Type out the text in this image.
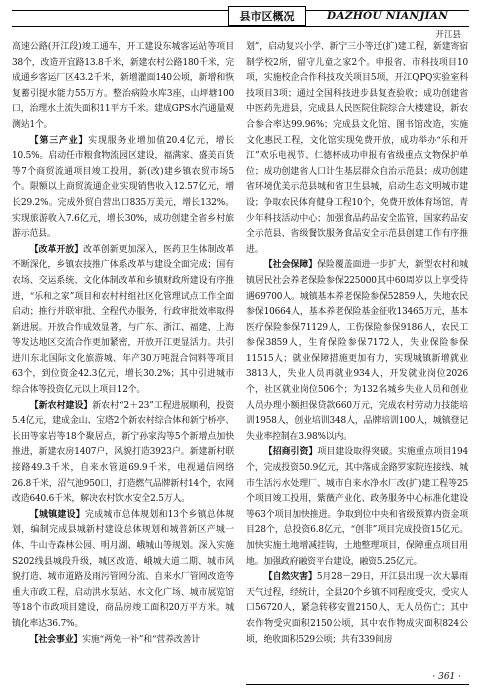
县市区概况	DAZHOU NIANJIAN
开江县

高速公路(开江段)竣工通车，开工建设东城客运站等项目38个，改造开宜路13.8千米，新建农村公路180千米，完成通乡客运厂区43.2千米，新增灌面140公顷，新增和恢复蓄引提水能力55万方。整治病险水库3座，山坪塘100口，治理水土流失面积11平方千米。建成GPS水汽通量观测站1个。

【第三产业】实现服务业增加值20.4亿元，增长10.5%。启动任市粮食物流园区建设，福满家、盛美百货等7个商贸流通项目竣工投用，新(改)建乡镇农贸市场5个。限额以上商贸流通企业实现销售收入12.57亿元，增长29.2%。完成外贸自营出口835万美元，增长132%。实现旅游收入7.6亿元，增长30%，成功创建全省乡村旅游示范县。

【改革开放】改革创新更加深入，医药卫生体制改革不断深化，乡镇农技推广体系改革与建设全面完成；国有农场、交运系统、文化体制改革和乡镇财政所建设有序推进，“乐和之家”项目和农村村组社区化管理试点工作全面启动；推行并联审批、全程代办服务，行政审批效率取得新进展。开放合作成效显著，与广东、浙江、福建、上海等发达地区交流合作更加紧密，开放开江更显活力。共引进川东北国际文化旅游城、年产30万吨混合饲料等项目63个，到位资金42.3亿元，增长30.2%；其中引进城市综合体等投资亿元以上项目12个。

【新农村建设】新农村“2＋23”工程进展顺利，投资5.4亿元，建成金山、宝塔2个新农村综合体和新宁桥亭、长田等家岩等18个聚居点，新宁孙家沟等5个新增点加快推进，新建农房1407户，风貌打造3923户。新建新村联接路49.3千米，自来水管道69.9千米，电视通信网络26.8千米，沼气池950口，打造燃气品牌新村14个，农网改造640.6千米，解决农村饮水安全2.5万人。

【城镇建设】完成城市总体规划和13个乡镇总体规划，编制完成县城新村建设总体规划和城普新区产城一体、牛山寺森林公园、明月湖、峨城山等规划。深入实施S202线县城段升级，城区改造、峨城大道二期、城市风貌打造、城市道路及雨污管网分流、自来水厂管网改造等重大市政工程，启动洪水泵站、水文化广场、城市展览馆等18个市政项目建设，商品房竣工面积20万平方米。城镇化率达36.7%。

【社会事业】实施“两免一补”和“营养改善计

划”，启动复兴小学、新宁三小等迁(扩)建工程，新建寄宿制学校2所，留守儿童之家2个。申报省、市科技项目10项，实施校企合作科技攻关项目5项，开江QPQ实验室科技项目3项；通过全国科技进步县复查验收；成功创建省中医药先进县，完成县人民医院住院综合大楼建设，新农合参合率达99.96%；完成县文化馆、图书馆改造，实施文化惠民工程，文化馆实现免费开放，成功举办“乐和开江”欢乐电视节、仁德杯成功申报有省级重点文物保护单位；成功创建省人口计生基层群众自治示范县；成功创建省环境优美示范县城和省卫生县城，启动生态文明城市建设；争取农民体育健身工程10个，免费开放体育场馆，青少年科技活动中心；加强食品药品安全监管，国家药品安全示范县、省级餐饮服务食品安全示范县创建工作有序推进。

【社会保障】保险覆盖面进一步扩大，新型农村和城镇居民社会养老保险参保225000其中60周岁以上享受待遇69700人。城镇基本养老保险参保52859人，失地农民参保10664人，基本养老保险基金征收13465万元，基本医疗保险参保71129人，工伤保险参保9186人，农民工参保3859人，生育保险参保7172人，失业保险参保11515人；就业保障措施更加有力，实现城镇新增就业3813人，失业人员再就业934人，开发就业岗位2026个，社区就业岗位506个；为132名城乡失业人员和创业人员办理小额担保贷款660万元，完成农村劳动力技能培训1958人，创业培训348人，品牌培训100人，城镇登记失业率控制在3.98%以内。

【招商引资】项目建设取得突破。实施重点项目194个，完成投资50.9亿元，其中落成金路罗家院连接线、城市生活污水处理厂、城市自来水净水厂改(扩)建工程等25个项目竣工投用，紫薇产业化、政务服务中心标准化建设等63个项目加快推进。争取到位中央和省级预算内资金项目28个，总投资6.8亿元，“创非”项目完成投资15亿元。加快实施土地增减挂钩，土地整理项目，保障重点项目用地。加强政府融资平台建设，融资5.25亿元。

【自然灾害】5月28－29日，开江县出现一次大暴雨天气过程，经统计，全县20个乡镇不同程度受灾，受灾人口56720人，紧急转移安置2150人，无人员伤亡；其中农作物受灾面积2150公顷，其中农作物成灾面积824公顷，绝收面积529公顷；共有339间房

· 361 ·
